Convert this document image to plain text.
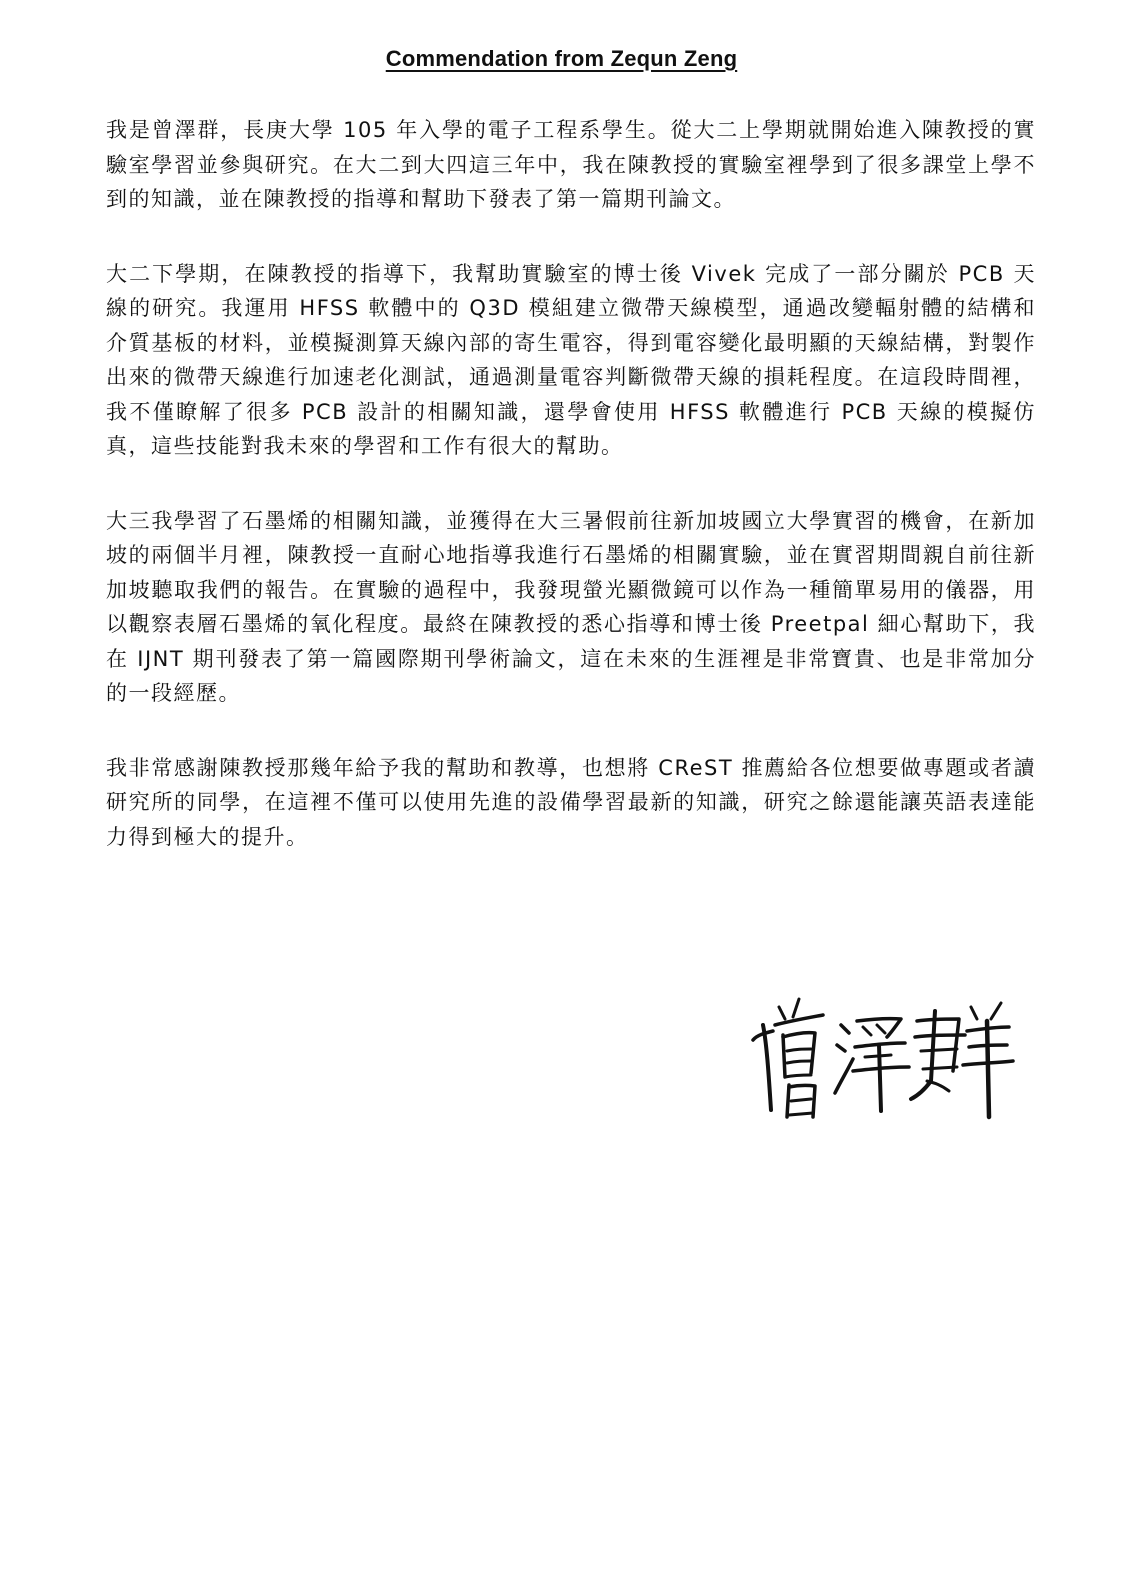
Commendation from Zequn Zeng

我是曾澤群，長庚大學 105 年入學的電子工程系學生。從大二上學期就開始進入陳教授的實驗室學習並參與研究。在大二到大四這三年中，我在陳教授的實驗室裡學到了很多課堂上學不到的知識，並在陳教授的指導和幫助下發表了第一篇期刊論文。

大二下學期，在陳教授的指導下，我幫助實驗室的博士後 Vivek 完成了一部分關於 PCB 天線的研究。我運用 HFSS 軟體中的 Q3D 模組建立微帶天線模型，通過改變輻射體的結構和介質基板的材料，並模擬測算天線內部的寄生電容，得到電容變化最明顯的天線結構，對製作出來的微帶天線進行加速老化測試，通過測量電容判斷微帶天線的損耗程度。在這段時間裡，我不僅瞭解了很多 PCB 設計的相關知識，還學會使用 HFSS 軟體進行 PCB 天線的模擬仿真，這些技能對我未來的學習和工作有很大的幫助。

大三我學習了石墨烯的相關知識，並獲得在大三暑假前往新加坡國立大學實習的機會，在新加坡的兩個半月裡，陳教授一直耐心地指導我進行石墨烯的相關實驗，並在實習期間親自前往新加坡聽取我們的報告。在實驗的過程中，我發現螢光顯微鏡可以作為一種簡單易用的儀器，用以觀察表層石墨烯的氧化程度。最終在陳教授的悉心指導和博士後 Preetpal 細心幫助下，我在 IJNT 期刊發表了第一篇國際期刊學術論文，這在未來的生涯裡是非常寶貴、也是非常加分的一段經歷。

我非常感謝陳教授那幾年給予我的幫助和教導，也想將 CReST 推薦給各位想要做專題或者讀研究所的同學，在這裡不僅可以使用先進的設備學習最新的知識，研究之餘還能讓英語表達能力得到極大的提升。
